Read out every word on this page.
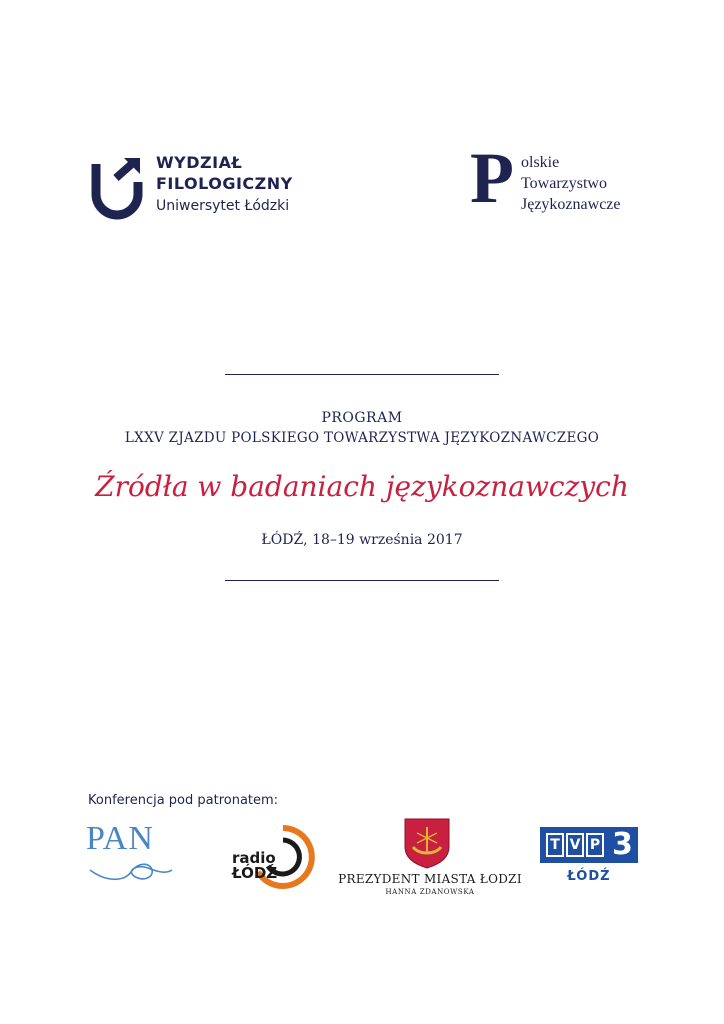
WYDZIAŁ
FILOLOGICZNY
Uniwersytet Łódzki	P olskie
Towarzystwo
Językoznawcze
PROGRAM
LXXV ZJAZDU POLSKIEGO TOWARZYSTWA JĘZYKOZNAWCZEGO
Źródła w badaniach językoznawczych
ŁÓDŹ, 18–19 września 2017
Konferencja pod patronatem:
PAN
radio
ŁÓDŹ	PREZYDENT MIASTA ŁODZI
HANNA ZDANOWSKA
T V P 3
ŁÓDŹ
